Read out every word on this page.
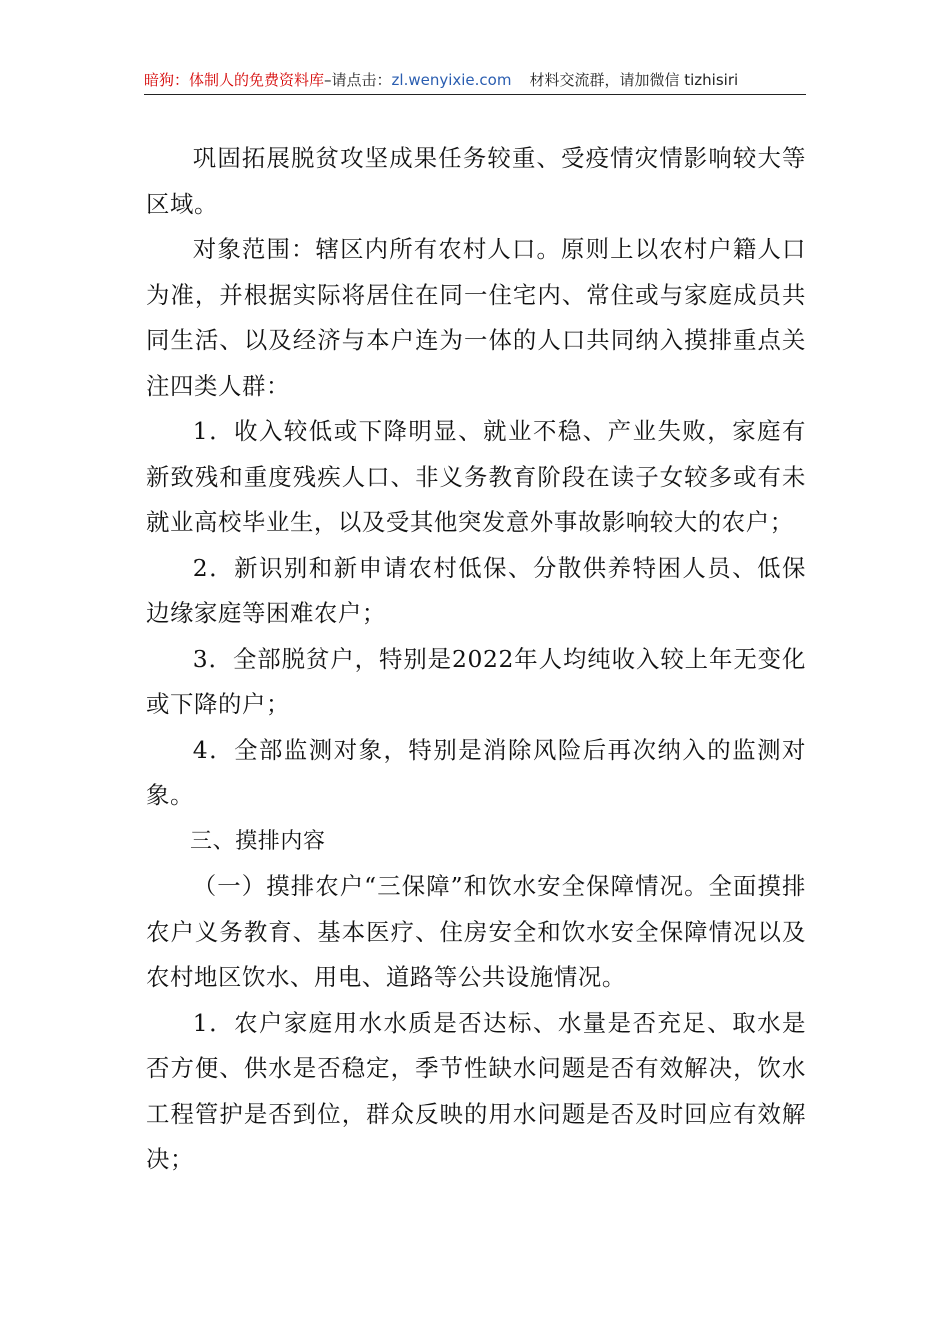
暗狗：体制人的免费资料库–请点击：zl.wenyixie.com 材料交流群，请加微信 tizhisiri

巩固拓展脱贫攻坚成果任务较重、受疫情灾情影响较大等区域。

对象范围：辖区内所有农村人口。原则上以农村户籍人口为准，并根据实际将居住在同一住宅内、常住或与家庭成员共同生活、以及经济与本户连为一体的人口共同纳入摸排重点关注四类人群：

1．收入较低或下降明显、就业不稳、产业失败，家庭有新致残和重度残疾人口、非义务教育阶段在读子女较多或有未就业高校毕业生，以及受其他突发意外事故影响较大的农户；

2．新识别和新申请农村低保、分散供养特困人员、低保边缘家庭等困难农户；

3．全部脱贫户，特别是2022年人均纯收入较上年无变化或下降的户；

4．全部监测对象，特别是消除风险后再次纳入的监测对象。

三、摸排内容

（一）摸排农户“三保障”和饮水安全保障情况。全面摸排农户义务教育、基本医疗、住房安全和饮水安全保障情况以及农村地区饮水、用电、道路等公共设施情况。

1．农户家庭用水水质是否达标、水量是否充足、取水是否方便、供水是否稳定，季节性缺水问题是否有效解决，饮水工程管护是否到位，群众反映的用水问题是否及时回应有效解决；
